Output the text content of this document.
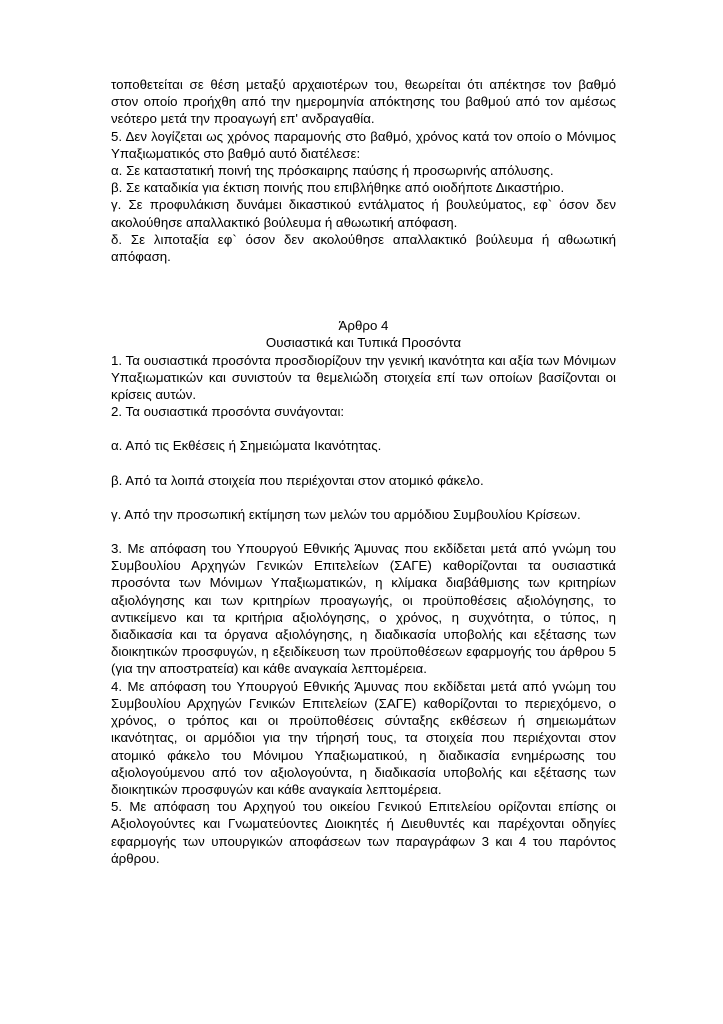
τοποθετείται σε θέση μεταξύ αρχαιοτέρων του, θεωρείται ότι απέκτησε τον βαθμό στον οποίο προήχθη από την ημερομηνία απόκτησης του βαθμού από τον αμέσως νεότερο μετά την προαγωγή επ' ανδραγαθία.

5. Δεν λογίζεται ως χρόνος παραμονής στο βαθμό, χρόνος κατά τον οποίο ο Μόνιμος Υπαξιωματικός στο βαθμό αυτό διατέλεσε:

α. Σε καταστατική ποινή της πρόσκαιρης παύσης ή προσωρινής απόλυσης.

β. Σε καταδικία για έκτιση ποινής που επιβλήθηκε από οιοδήποτε Δικαστήριο.

γ. Σε προφυλάκιση δυνάμει δικαστικού εντάλματος ή βουλεύματος, εφ` όσον δεν ακολούθησε απαλλακτικό βούλευμα ή αθωωτική απόφαση.

δ. Σε λιποταξία εφ` όσον δεν ακολούθησε απαλλακτικό βούλευμα ή αθωωτική απόφαση.

Άρθρο 4

Ουσιαστικά και Τυπικά Προσόντα

1. Τα ουσιαστικά προσόντα προσδιορίζουν την γενική ικανότητα και αξία των Μόνιμων Υπαξιωματικών και συνιστούν τα θεμελιώδη στοιχεία επί των οποίων βασίζονται οι κρίσεις αυτών.

2. Τα ουσιαστικά προσόντα συνάγονται:

α. Από τις Εκθέσεις ή Σημειώματα Ικανότητας.

β. Από τα λοιπά στοιχεία που περιέχονται στον ατομικό φάκελο.

γ. Από την προσωπική εκτίμηση των μελών του αρμόδιου Συμβουλίου Κρίσεων.

3. Με απόφαση του Υπουργού Εθνικής Άμυνας που εκδίδεται μετά από γνώμη του Συμβουλίου Αρχηγών Γενικών Επιτελείων (ΣΑΓΕ) καθορίζονται τα ουσιαστικά προσόντα των Μόνιμων Υπαξιωματικών, η κλίμακα διαβάθμισης των κριτηρίων αξιολόγησης και των κριτηρίων προαγωγής, οι προϋποθέσεις αξιολόγησης, το αντικείμενο και τα κριτήρια αξιολόγησης, ο χρόνος, η συχνότητα, ο τύπος, η διαδικασία και τα όργανα αξιολόγησης, η διαδικασία υποβολής και εξέτασης των διοικητικών προσφυγών, η εξειδίκευση των προϋποθέσεων εφαρμογής του άρθρου 5 (για την αποστρατεία) και κάθε αναγκαία λεπτομέρεια.

4. Με απόφαση του Υπουργού Εθνικής Άμυνας που εκδίδεται μετά από γνώμη του Συμβουλίου Αρχηγών Γενικών Επιτελείων (ΣΑΓΕ) καθορίζονται το περιεχόμενο, ο χρόνος, ο τρόπος και οι προϋποθέσεις σύνταξης εκθέσεων ή σημειωμάτων ικανότητας, οι αρμόδιοι για την τήρησή τους, τα στοιχεία που περιέχονται στον ατομικό φάκελο του Μόνιμου Υπαξιωματικού, η διαδικασία ενημέρωσης του αξιολογούμενου από τον αξιολογούντα, η διαδικασία υποβολής και εξέτασης των διοικητικών προσφυγών και κάθε αναγκαία λεπτομέρεια.

5. Με απόφαση του Αρχηγού του οικείου Γενικού Επιτελείου ορίζονται επίσης οι Αξιολογούντες και Γνωματεύοντες Διοικητές ή Διευθυντές και παρέχονται οδηγίες εφαρμογής των υπουργικών αποφάσεων των παραγράφων 3 και 4 του παρόντος άρθρου.
